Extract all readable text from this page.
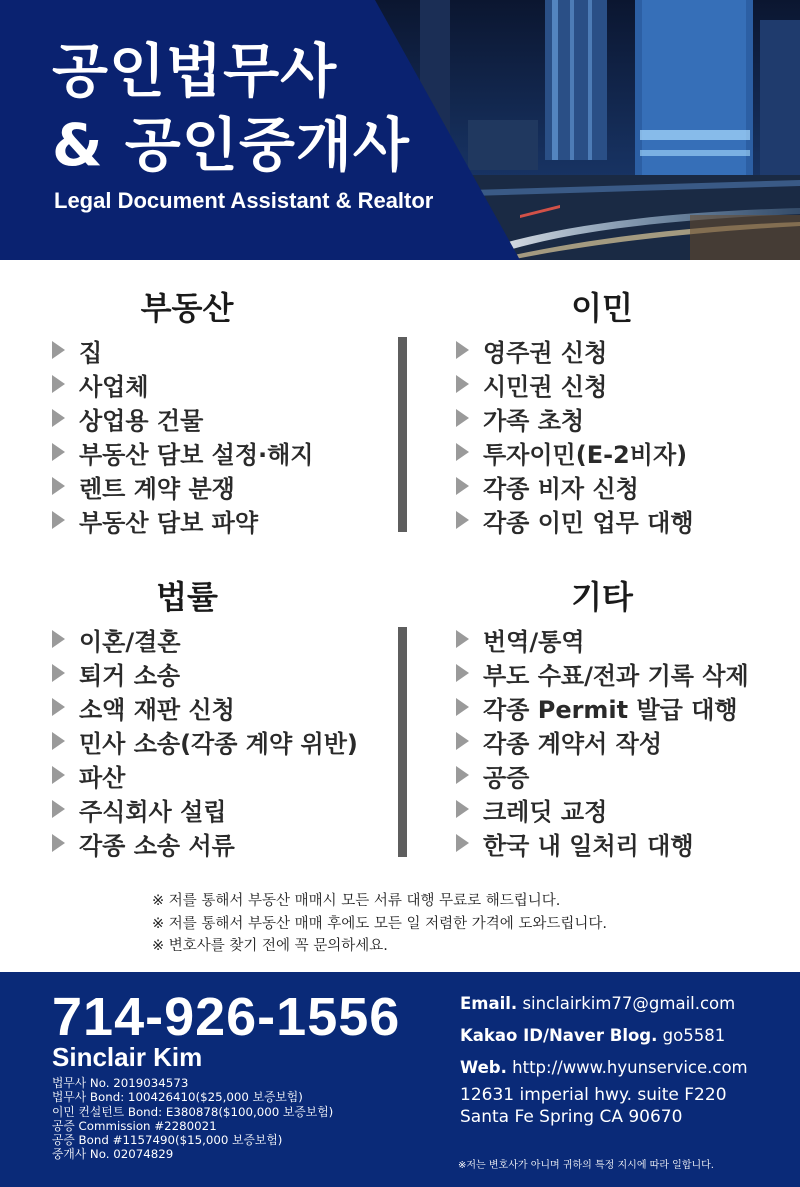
공인법무사
& 공인중개사
Legal Document Assistant & Realtor
부동산
집
사업체
상업용 건물
부동산 담보 설정·해지
렌트 계약 분쟁
부동산 담보 파약
이민
영주권 신청
시민권 신청
가족 초청
투자이민(E-2비자)
각종 비자 신청
각종 이민 업무 대행
법률
이혼/결혼
퇴거 소송
소액 재판 신청
민사 소송(각종 계약 위반)
파산
주식회사 설립
각종 소송 서류
기타
번역/통역
부도 수표/전과 기록 삭제
각종 Permit 발급 대행
각종 계약서 작성
공증
크레딧 교정
한국 내 일처리 대행
※ 저를 통해서 부동산 매매시 모든 서류 대행 무료로 해드립니다.
※ 저를 통해서 부동산 매매 후에도 모든 일 저렴한 가격에 도와드립니다.
※ 변호사를 찾기 전에 꼭 문의하세요.
714-926-1556
Sinclair Kim
법무사 No. 2019034573
법무사 Bond: 100426410($25,000 보증보험)
이민 컨설턴트 Bond: E380878($100,000 보증보험)
공증 Commission #2280021
공증 Bond #1157490($15,000 보증보험)
중개사 No. 02074829
Email. sinclairkim77@gmail.com
Kakao ID/Naver Blog. go5581
Web. http://www.hyunservice.com
12631 imperial hwy. suite F220
Santa Fe Spring CA 90670
※저는 변호사가 아니며 귀하의 특정 지시에 따라 일합니다.
